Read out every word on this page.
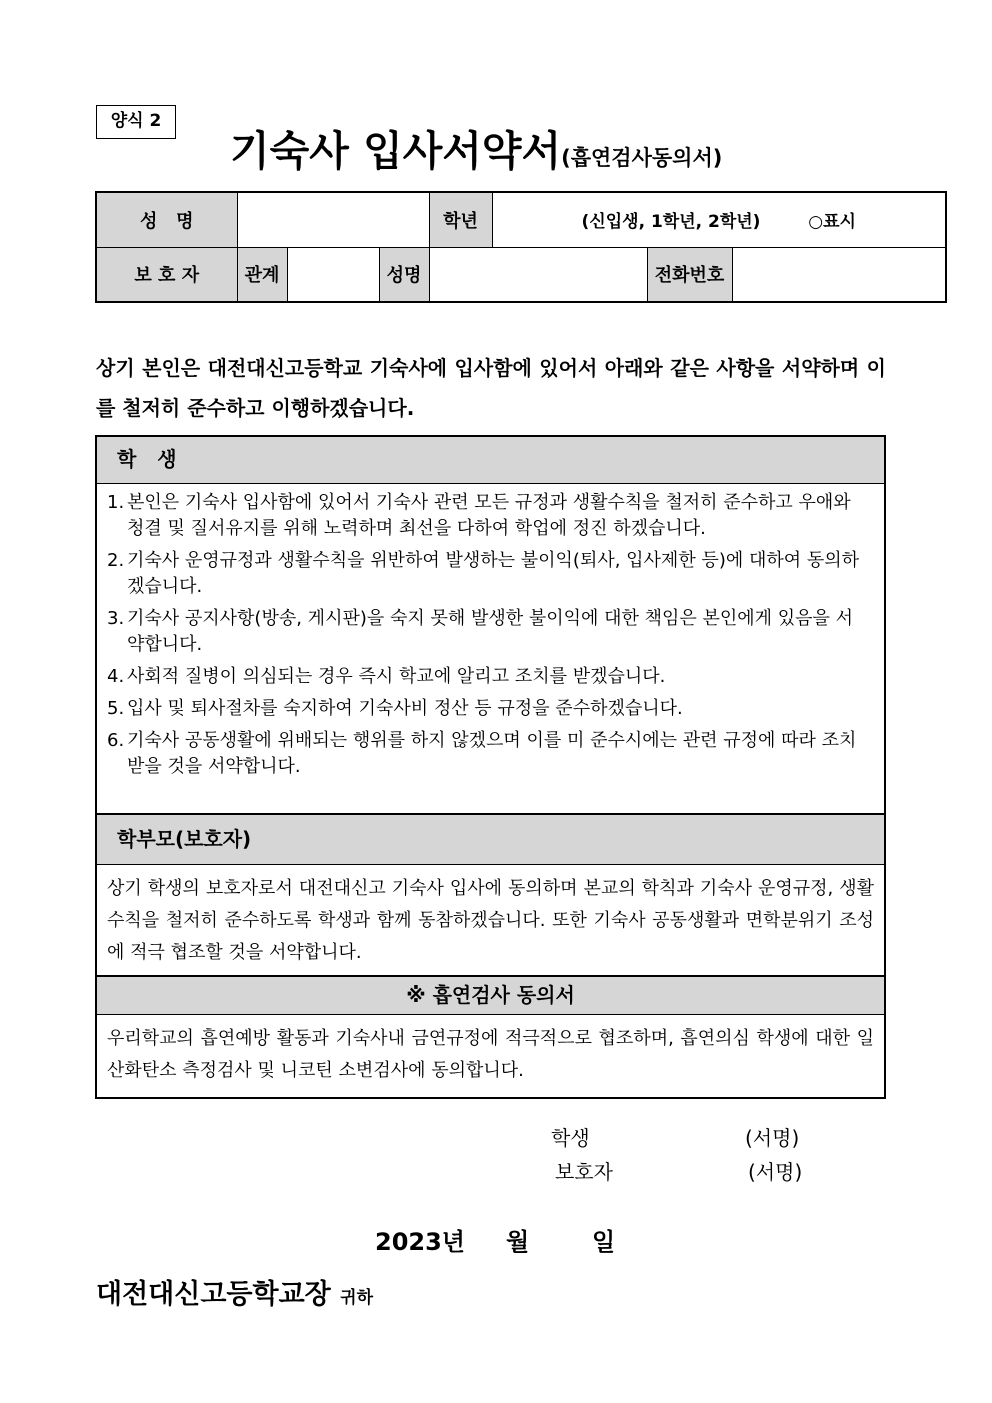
양식 2
기숙사 입사서약서(흡연검사동의서)
성   명				학년	(신입생, 1학년, 2학년) ○표시		
보 호 자	관계		성명			전화번호	
상기 본인은 대전대신고등학교 기숙사에 입사함에 있어서 아래와 같은 사항을 서약하며 이를 철저히 준수하고 이행하겠습니다.
학   생
1. 본인은 기숙사 입사함에 있어서 기숙사 관련 모든 규정과 생활수칙을 철저히 준수하고 우애와 청결 및 질서유지를 위해 노력하며 최선을 다하여 학업에 정진 하겠습니다.
2. 기숙사 운영규정과 생활수칙을 위반하여 발생하는 불이익(퇴사, 입사제한 등)에 대하여 동의하겠습니다.
3. 기숙사 공지사항(방송, 게시판)을 숙지 못해 발생한 불이익에 대한 책임은 본인에게 있음을 서약합니다.
4. 사회적 질병이 의심되는 경우 즉시 학교에 알리고 조치를 받겠습니다.
5. 입사 및 퇴사절차를 숙지하여 기숙사비 정산 등 규정을 준수하겠습니다.
6. 기숙사 공동생활에 위배되는 행위를 하지 않겠으며 이를 미 준수시에는 관련 규정에 따라 조치 받을 것을 서약합니다.
학부모(보호자)
상기 학생의 보호자로서 대전대신고 기숙사 입사에 동의하며 본교의 학칙과 기숙사 운영규정, 생활수칙을 철저히 준수하도록 학생과 함께 동참하겠습니다. 또한 기숙사 공동생활과 면학분위기 조성에 적극 협조할 것을 서약합니다.
※ 흡연검사 동의서
우리학교의 흡연예방 활동과 기숙사내 금연규정에 적극적으로 협조하며, 흡연의심 학생에 대한 일산화탄소 측정검사 및 니코틴 소변검사에 동의합니다.
학생	(서명)
보호자	(서명)
2023년 월	일
대전대신고등학교장 귀하
